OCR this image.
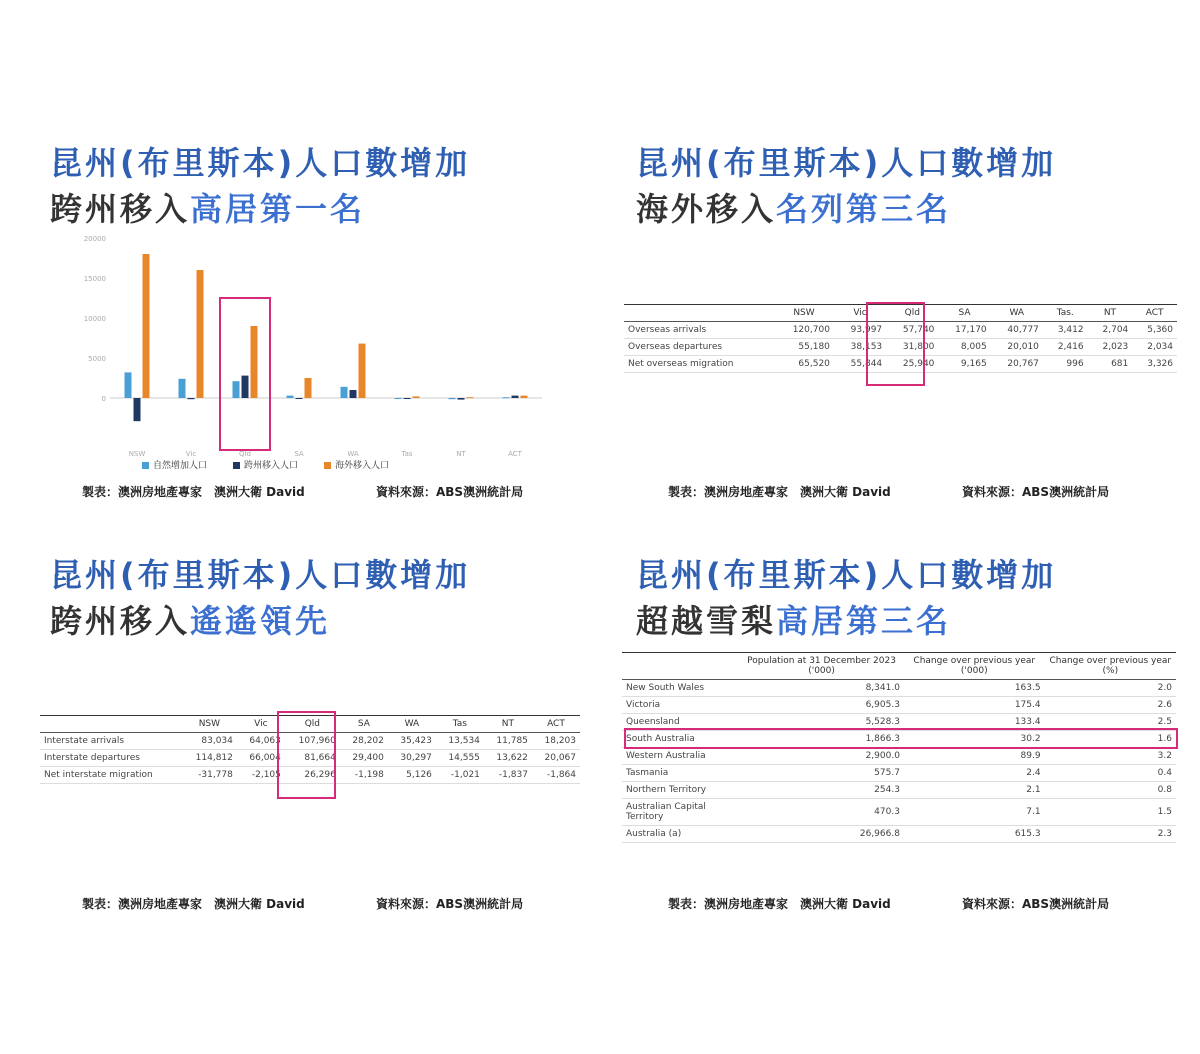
昆州(布里斯本)人口數增加
跨州移入高居第一名
0
5000
10000
15000
20000
NSW	Vic	Qld	SA	WA	Tas	NT	ACT
自然增加人口	跨州移入人口	海外移入人口
製表：澳洲房地產專家　澳洲大衛 David	資料來源：ABS澳洲統計局
昆州(布里斯本)人口數增加
海外移入名列第三名
	NSW	Vic	Qld	SA	WA	Tas.	NT	ACT
Overseas arrivals	120,700	93,997	57,740	17,170	40,777	3,412	2,704	5,360
Overseas departures	55,180	38,153	31,800	8,005	20,010	2,416	2,023	2,034
Net overseas migration	65,520	55,844	25,940	9,165	20,767	996	681	3,326
製表：澳洲房地產專家　澳洲大衛 David	資料來源：ABS澳洲統計局
昆州(布里斯本)人口數增加
跨州移入遙遙領先
	NSW	Vic	Qld	SA	WA	Tas	NT	ACT
Interstate arrivals	83,034	64,063	107,960	28,202	35,423	13,534	11,785	18,203
Interstate departures	114,812	66,004	81,664	29,400	30,297	14,555	13,622	20,067
Net interstate migration	-31,778	-2,105	26,296	-1,198	5,126	-1,021	-1,837	-1,864
製表：澳洲房地產專家　澳洲大衛 David	資料來源：ABS澳洲統計局
昆州(布里斯本)人口數增加
超越雪梨高居第三名
	Population at 31 December 2023 ('000)	Change over previous year ('000)	Change over previous year (%)
New South Wales	8,341.0	163.5	2.0
Victoria	6,905.3	175.4	2.6
Queensland	5,528.3	133.4	2.5
South Australia	1,866.3	30.2	1.6
Western Australia	2,900.0	89.9	3.2
Tasmania	575.7	2.4	0.4
Northern Territory	254.3	2.1	0.8
Australian Capital Territory	470.3	7.1	1.5
Australia (a)	26,966.8	615.3	2.3
製表：澳洲房地產專家　澳洲大衛 David	資料來源：ABS澳洲統計局
